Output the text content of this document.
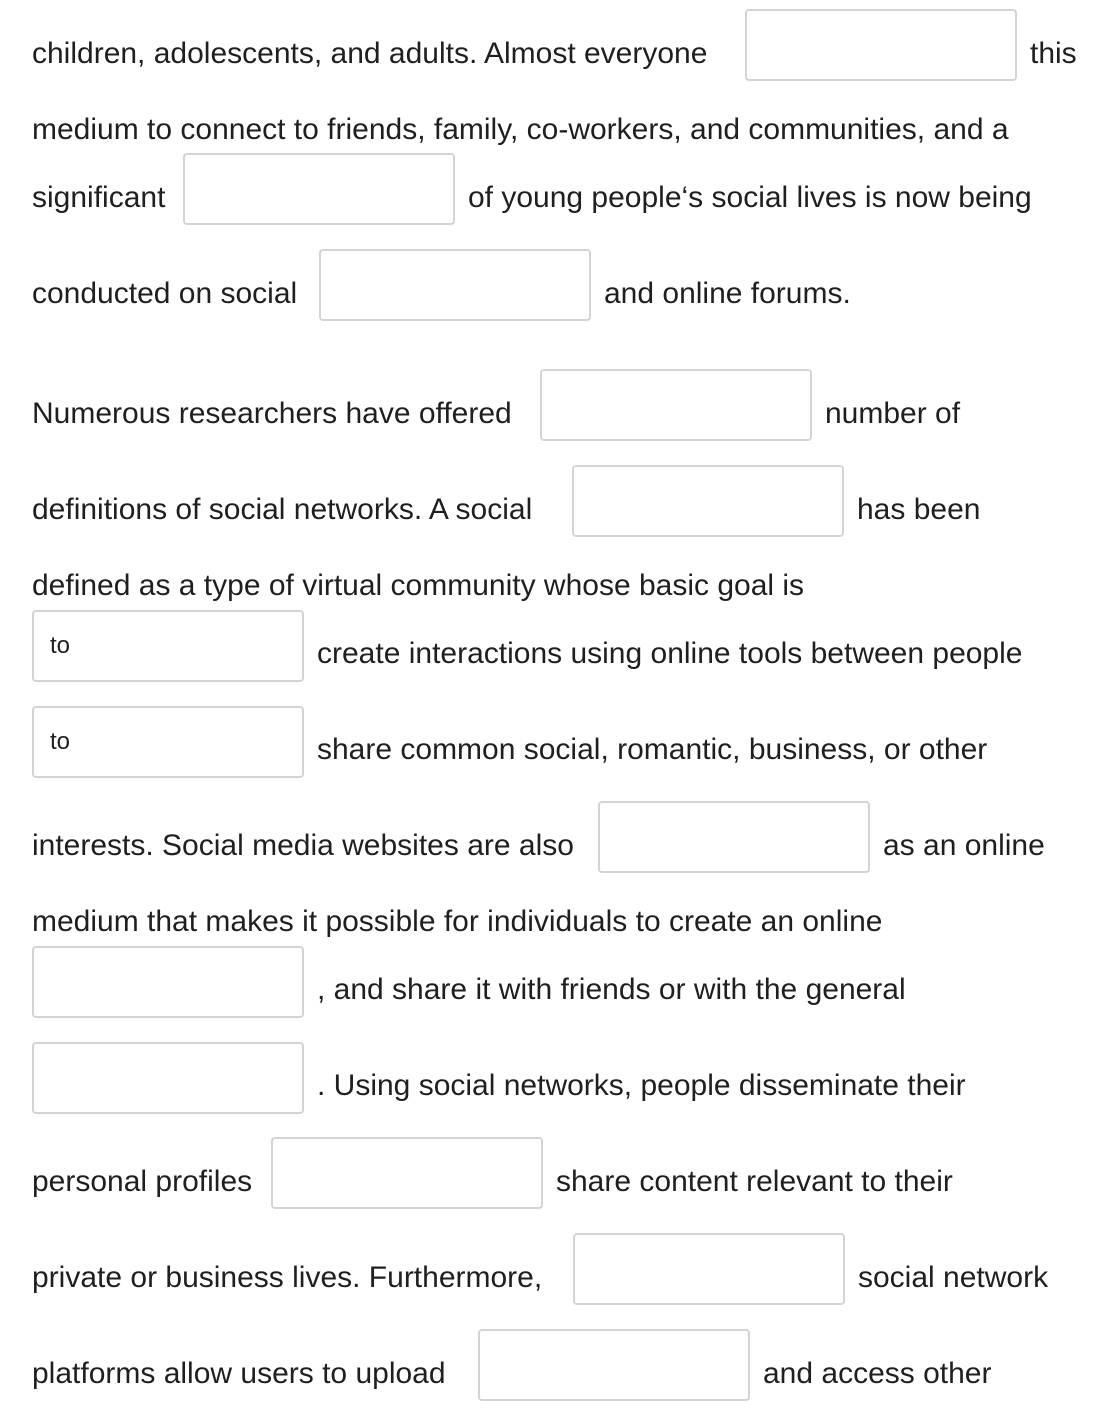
children, adolescents, and adults. Almost everyone	this
medium to connect to friends, family, co-workers, and communities, and a
significant	of young people‘s social lives is now being
conducted on social	and online forums.
Numerous researchers have offered	number of
definitions of social networks. A social	has been
defined as a type of virtual community whose basic goal is
to
create interactions using online tools between people
to
share common social, romantic, business, or other
interests. Social media websites are also	as an online
medium that makes it possible for individuals to create an online
, and share it with friends or with the general
. Using social networks, people disseminate their
personal profiles	share content relevant to their
private or business lives. Furthermore,	social network
platforms allow users to upload	and access other
